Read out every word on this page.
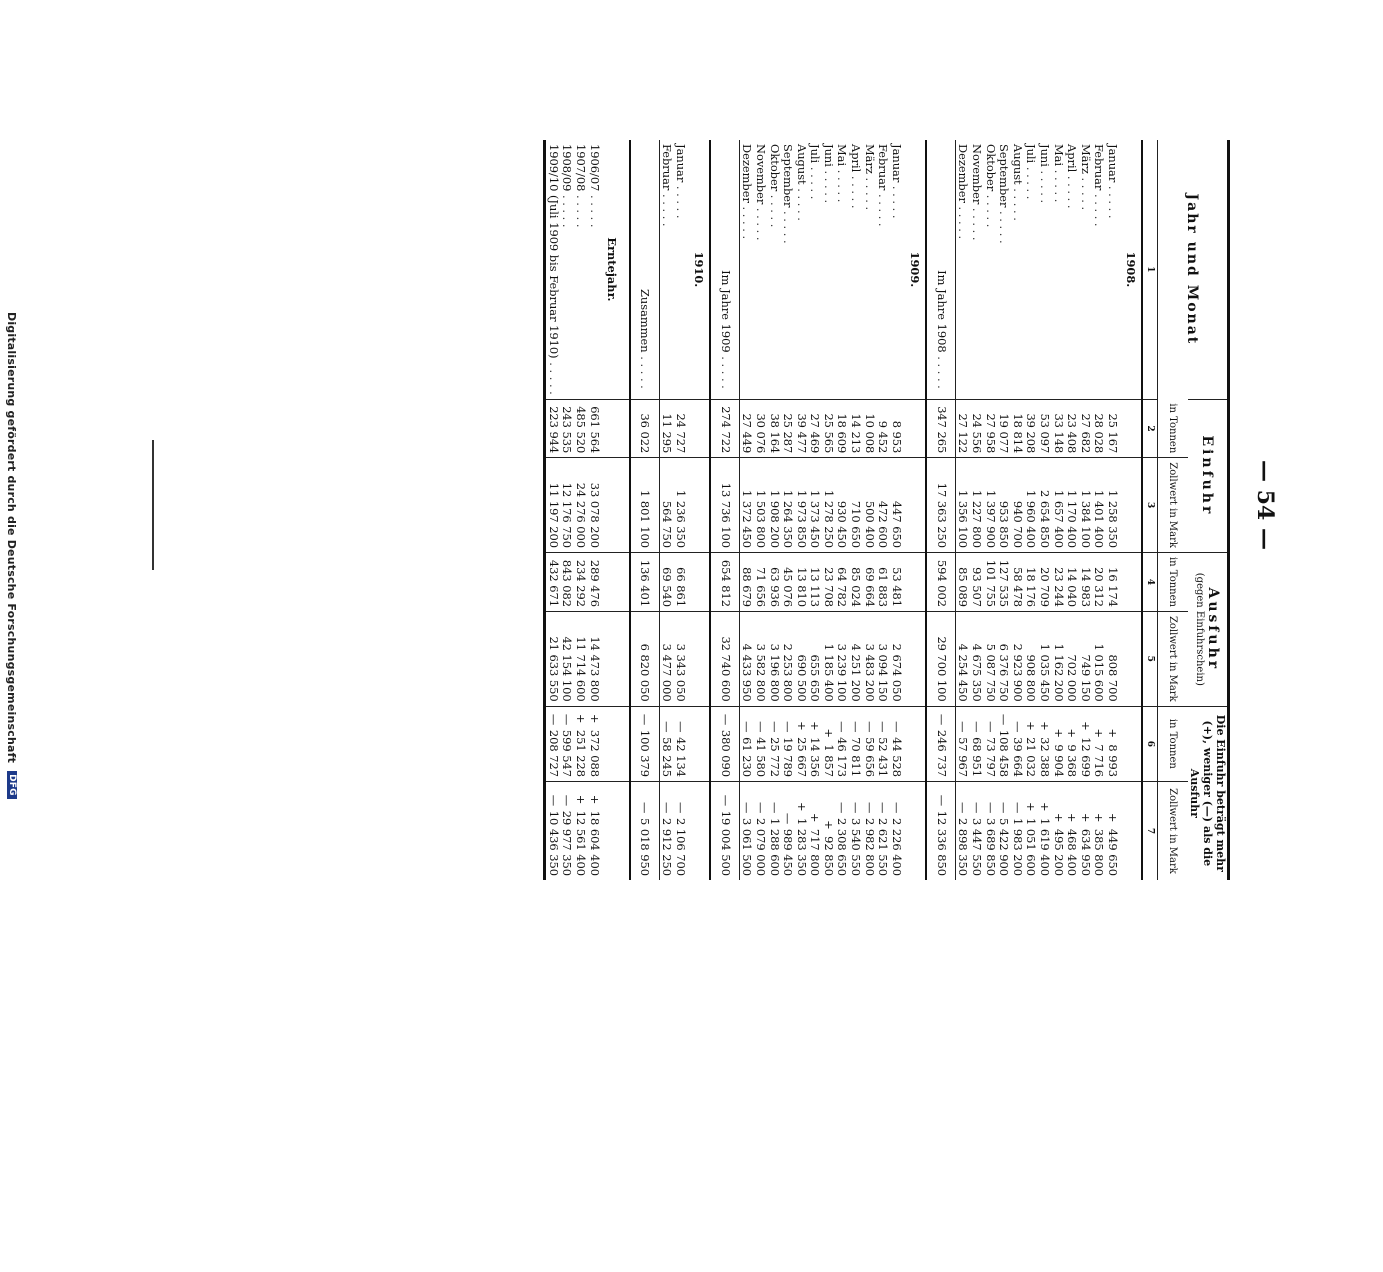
Digitalisierung gefördert durch die Deutsche Forschungsgemeinschaft
DFG
— 54 —
Jahr und Monat	Einfuhr		Ausfuhr
(gegen Einfuhrschein)		Die Einfuhr beträgt mehr (+), weniger (—) als die Ausfuhr	
	in Tonnen	Zollwert in Mark	in Tonnen	Zollwert in Mark	in Tonnen	Zollwert in Mark
1	2	3	4	5	6	7
1908.						
Januar . . . . .	25 167	1 258 350	16 174	808 700	+8 993	+449 650
Februar . . . . .	28 028	1 401 400	20 312	1 015 600	+7 716	+385 800
März . . . . .	27 682	1 384 100	14 983	749 150	+12 699	+634 950
April . . . . .	23 408	1 170 400	14 040	702 000	+9 368	+468 400
Mai . . . . .	33 148	1 657 400	23 244	1 162 200	+9 904	+495 200
Juni . . . . .	53 097	2 654 850	20 709	1 035 450	+32 388	+1 619 400
Juli . . . . .	39 208	1 960 400	18 176	908 800	+21 032	+1 051 600
August . . . . .	18 814	940 700	58 478	2 923 900	—39 664	—1 983 200
September . . . . .	19 077	953 850	127 535	6 376 750	—108 458	—5 422 900
Oktober . . . . .	27 958	1 397 900	101 755	5 087 750	—73 797	—3 689 850
November . . . . .	24 556	1 227 800	93 507	4 675 350	—68 951	—3 447 550
Dezember . . . . .	27 122	1 356 100	85 089	4 254 450	—57 967	—2 898 350
Im Jahre 1908 . . . . .	347 265	17 363 250	594 002	29 700 100	—246 737	—12 336 850
1909.						
Januar . . . . .	8 953	447 650	53 481	2 674 050	—44 528	—2 226 400
Februar . . . . .	9 452	472 600	61 883	3 094 150	—52 431	—2 621 550
März . . . . .	10 008	500 400	69 664	3 483 200	—59 656	—2 982 800
April . . . . .	14 213	710 650	85 024	4 251 200	—70 811	—3 540 550
Mai . . . . .	18 609	930 450	64 782	3 239 100	—46 173	—2 308 650
Juni . . . . .	25 565	1 278 250	23 708	1 185 400	+1 857	+92 850
Juli . . . . .	27 469	1 373 450	13 113	655 650	+14 356	+717 800
August . . . . .	39 477	1 973 850	13 810	690 500	+25 667	+1 283 350
September . . . . .	25 287	1 264 350	45 076	2 253 800	—19 789	—989 450
Oktober . . . . .	38 164	1 908 200	63 936	3 196 800	—25 772	—1 288 600
November . . . . .	30 076	1 503 800	71 656	3 582 800	—41 580	—2 079 000
Dezember . . . . .	27 449	1 372 450	88 679	4 433 950	—61 230	—3 061 500
Im Jahre 1909 . . . . .	274 722	13 736 100	654 812	32 740 600	—380 090	—19 004 500
1910.						
Januar . . . . .	24 727	1 236 350	66 861	3 343 050	—42 134	—2 106 700
Februar . . . . .	11 295	564 750	69 540	3 477 000	—58 245	—2 912 250
Zusammen . . . . .	36 022	1 801 100	136 401	6 820 050	—100 379	—5 018 950

Erntejahr.						
1906/07 . . . . .	661 564	33 078 200	289 476	14 473 800	+372 088	+18 604 400
1907/08 . . . . .	485 520	24 276 000	234 292	11 714 600	+251 228	+12 561 400
1908/09 . . . . .	243 535	12 176 750	843 082	42 154 100	—599 547	—29 977 350
1909/10 (Juli 1909 bis Februar 1910) . . . . .	223 944	11 197 200	432 671	21 633 550	—208 727	—10 436 350
